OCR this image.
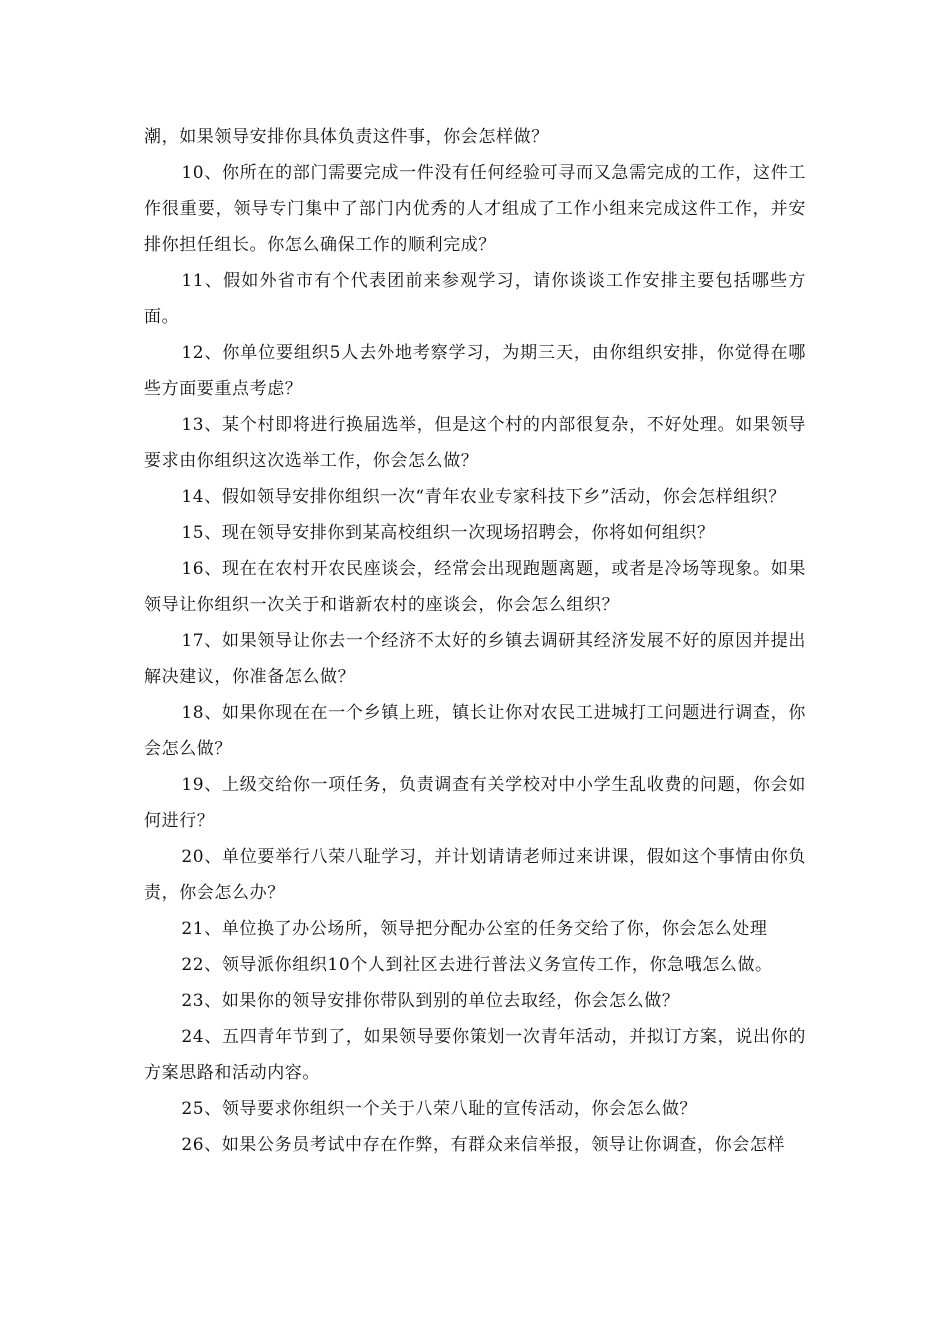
潮，如果领导安排你具体负责这件事，你会怎样做？

10、你所在的部门需要完成一件没有任何经验可寻而又急需完成的工作，这件工作很重要，领导专门集中了部门内优秀的人才组成了工作小组来完成这件工作，并安排你担任组长。你怎么确保工作的顺利完成？

11、假如外省市有个代表团前来参观学习，请你谈谈工作安排主要包括哪些方面。

12、你单位要组织5人去外地考察学习，为期三天，由你组织安排，你觉得在哪些方面要重点考虑？

13、某个村即将进行换届选举，但是这个村的内部很复杂，不好处理。如果领导要求由你组织这次选举工作，你会怎么做？

14、假如领导安排你组织一次“青年农业专家科技下乡”活动，你会怎样组织？

15、现在领导安排你到某高校组织一次现场招聘会，你将如何组织？

16、现在在农村开农民座谈会，经常会出现跑题离题，或者是冷场等现象。如果领导让你组织一次关于和谐新农村的座谈会，你会怎么组织？

17、如果领导让你去一个经济不太好的乡镇去调研其经济发展不好的原因并提出解决建议，你准备怎么做？

18、如果你现在在一个乡镇上班，镇长让你对农民工进城打工问题进行调查，你会怎么做？

19、上级交给你一项任务，负责调查有关学校对中小学生乱收费的问题，你会如何进行？

20、单位要举行八荣八耻学习，并计划请请老师过来讲课，假如这个事情由你负责，你会怎么办？

21、单位换了办公场所，领导把分配办公室的任务交给了你，你会怎么处理

22、领导派你组织10个人到社区去进行普法义务宣传工作，你急哦怎么做。

23、如果你的领导安排你带队到别的单位去取经，你会怎么做？

24、五四青年节到了，如果领导要你策划一次青年活动，并拟订方案，说出你的方案思路和活动内容。

25、领导要求你组织一个关于八荣八耻的宣传活动，你会怎么做？

26、如果公务员考试中存在作弊，有群众来信举报，领导让你调查，你会怎样
